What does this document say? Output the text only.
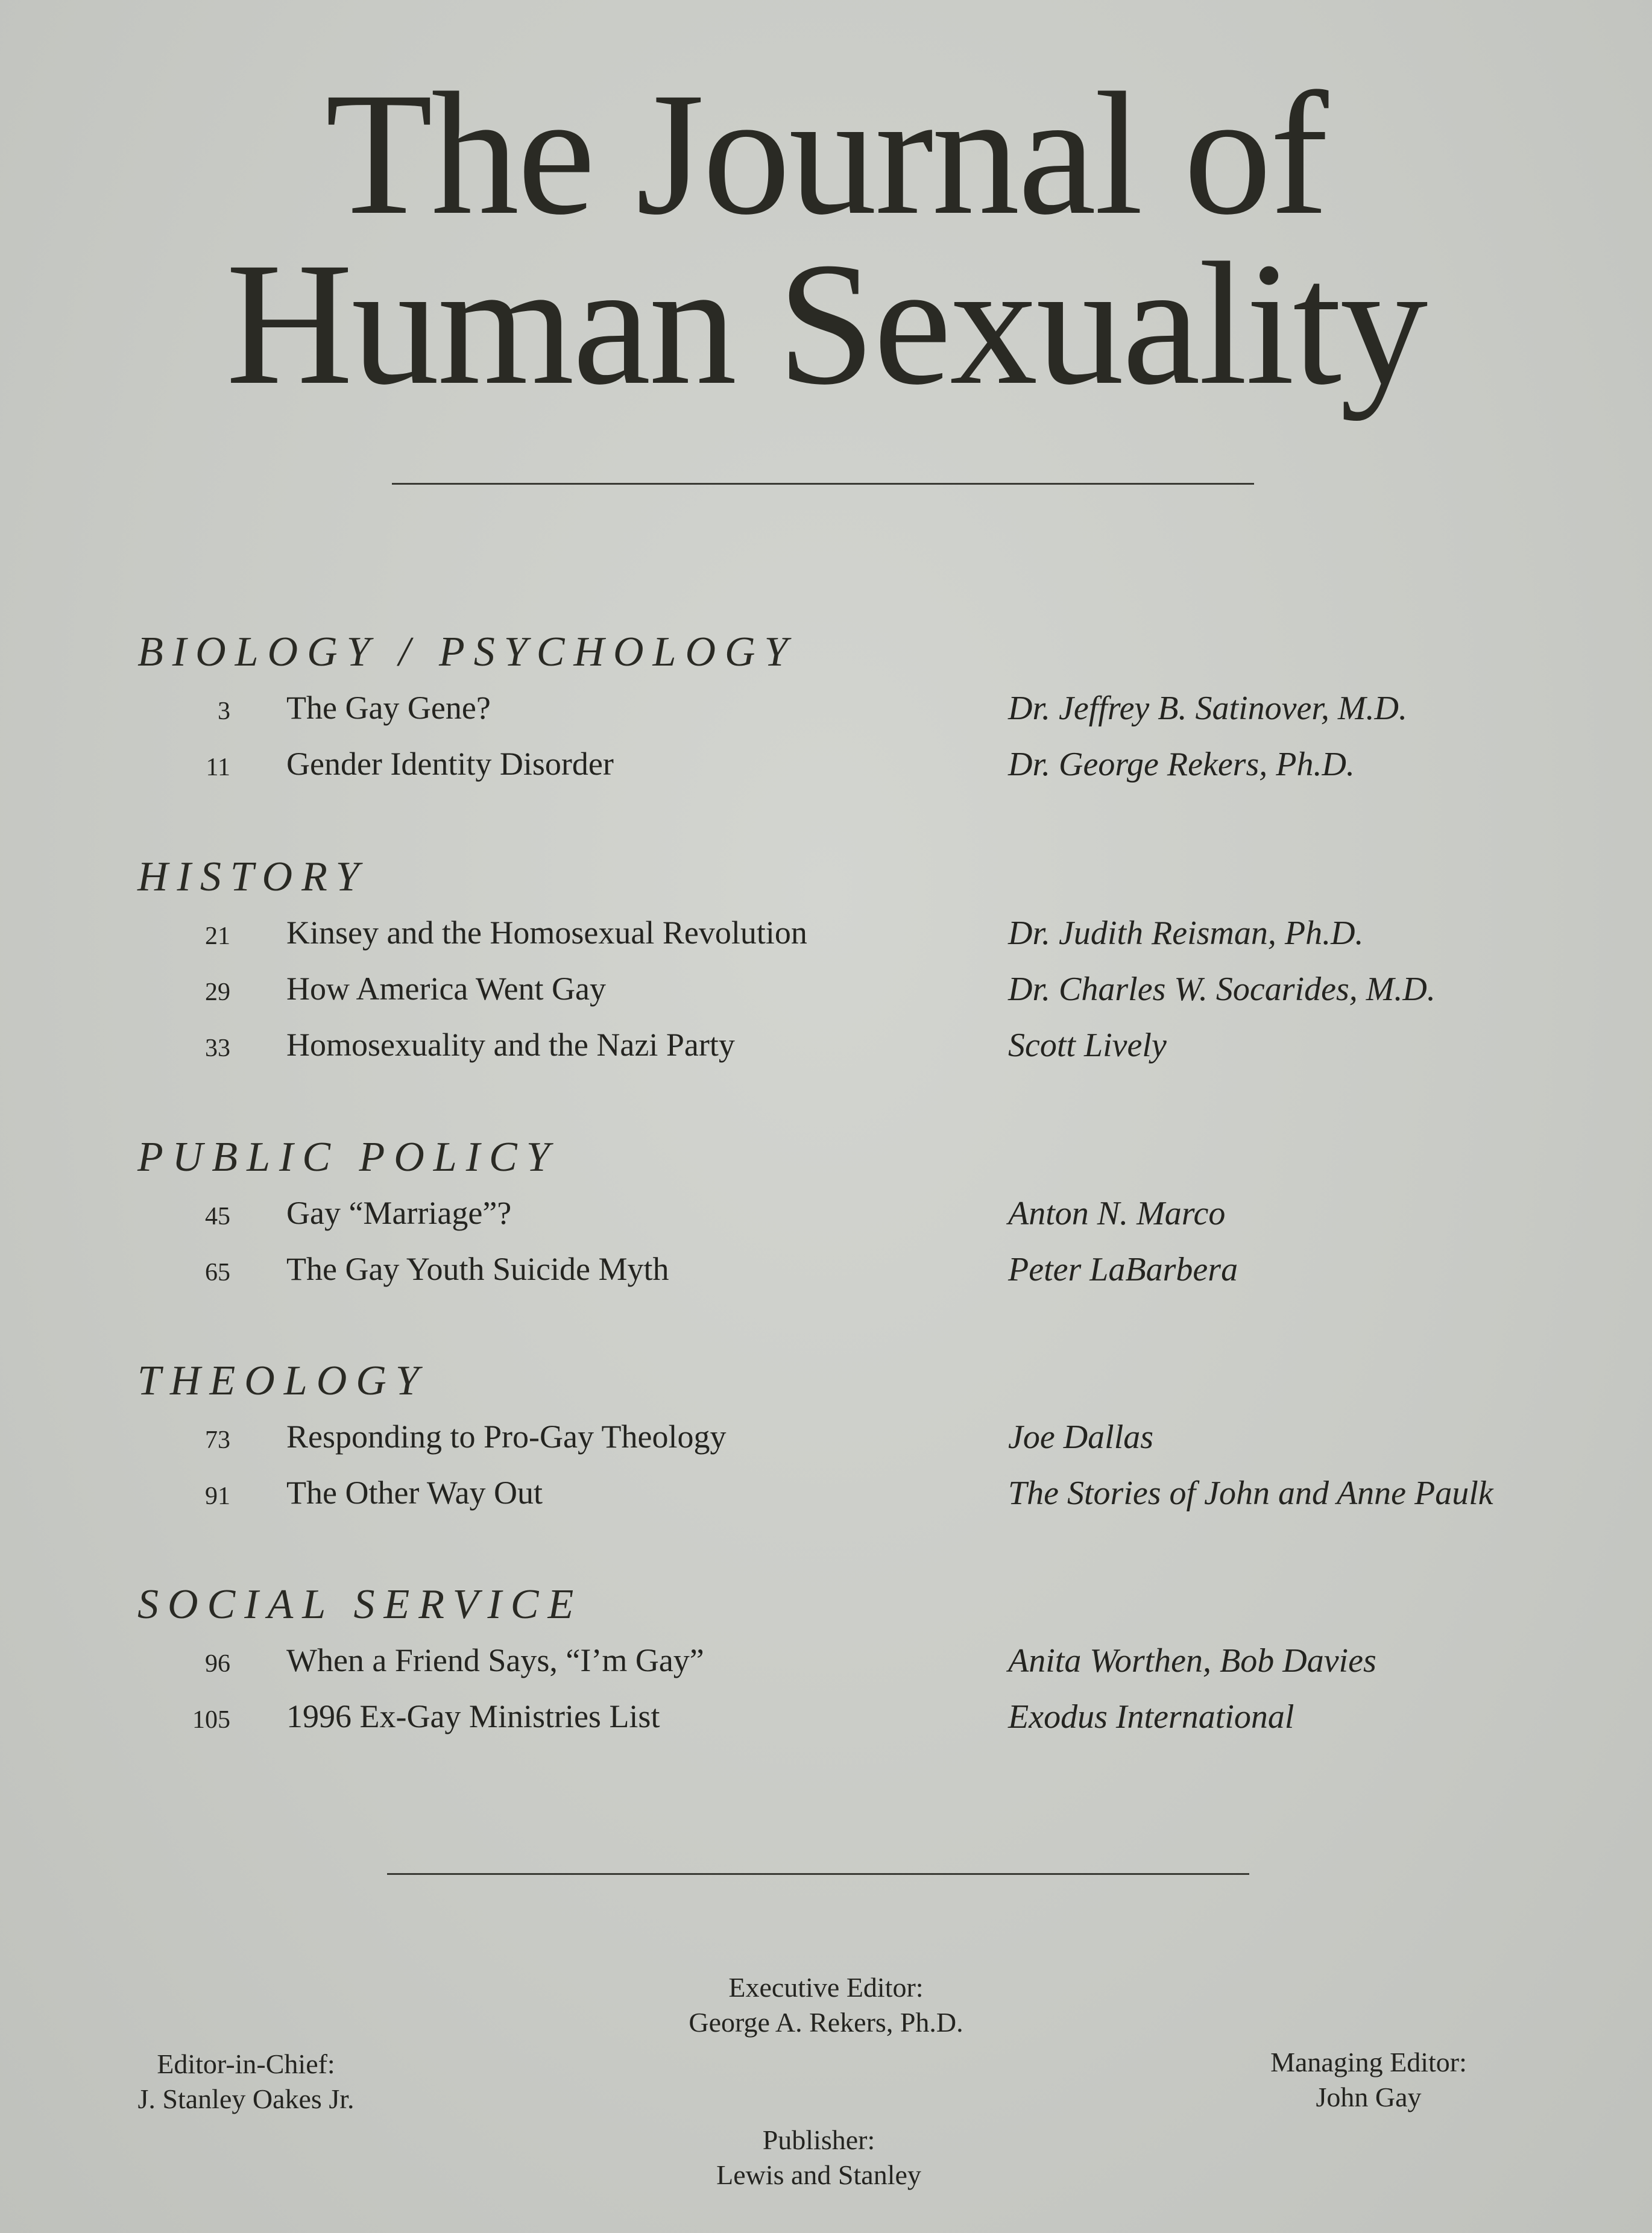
The Journal of
Human Sexuality
BIOLOGY / PSYCHOLOGY
3 The Gay Gene?	Dr. Jeffrey B. Satinover, M.D.
11 Gender Identity Disorder	Dr. George Rekers, Ph.D.
HISTORY
21 Kinsey and the Homosexual Revolution	Dr. Judith Reisman, Ph.D.
29 How America Went Gay	Dr. Charles W. Socarides, M.D.
33 Homosexuality and the Nazi Party	Scott Lively
PUBLIC POLICY
45 Gay “Marriage”?	Anton N. Marco
65 The Gay Youth Suicide Myth	Peter LaBarbera
THEOLOGY
73 Responding to Pro-Gay Theology	Joe Dallas
91 The Other Way Out	The Stories of John and Anne Paulk
SOCIAL SERVICE
96 When a Friend Says, “I’m Gay”	Anita Worthen, Bob Davies
105 1996 Ex-Gay Ministries List	Exodus International
Executive Editor:
George A. Rekers, Ph.D.
Editor-in-Chief:
J. Stanley Oakes Jr.
Managing Editor:
John Gay
Publisher:
Lewis and Stanley
